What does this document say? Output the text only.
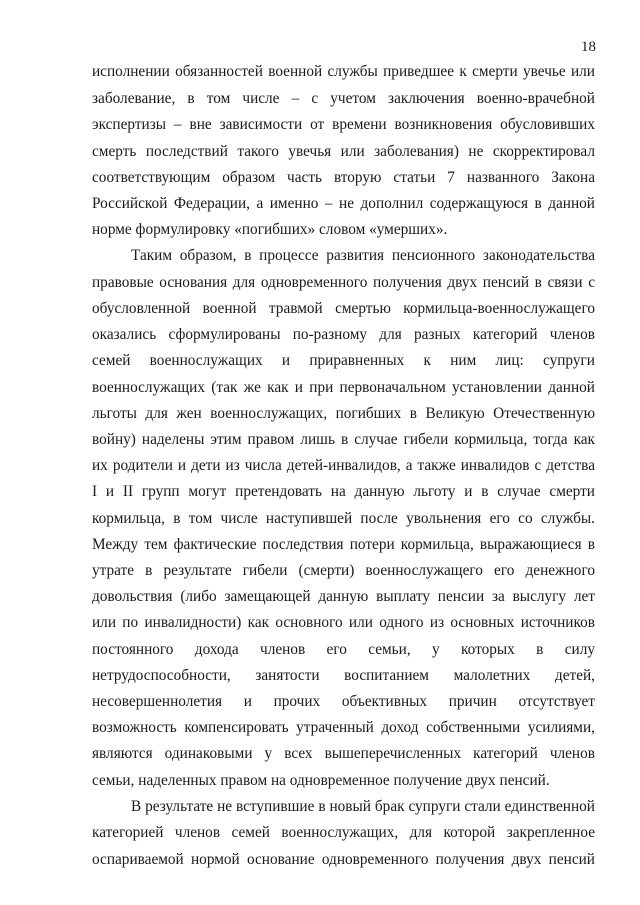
18
исполнении обязанностей военной службы приведшее к смерти увечье или
заболевание, в том числе – с учетом заключения военно-врачебной
экспертизы – вне зависимости от времени возникновения обусловивших
смерть последствий такого увечья или заболевания) не скорректировал
соответствующим образом часть вторую статьи 7 названного Закона
Российской Федерации, а именно – не дополнил содержащуюся в данной
норме формулировку «погибших» словом «умерших».
Таким образом, в процессе развития пенсионного законодательства
правовые основания для одновременного получения двух пенсий в связи с
обусловленной военной травмой смертью кормильца-военнослужащего
оказались сформулированы по-разному для разных категорий членов
семей военнослужащих и приравненных к ним лиц: супруги
военнослужащих (так же как и при первоначальном установлении данной
льготы для жен военнослужащих, погибших в Великую Отечественную
войну) наделены этим правом лишь в случае гибели кормильца, тогда как
их родители и дети из числа детей-инвалидов, а также инвалидов с детства
I и II групп могут претендовать на данную льготу и в случае смерти
кормильца, в том числе наступившей после увольнения его со службы.
Между тем фактические последствия потери кормильца, выражающиеся в
утрате в результате гибели (смерти) военнослужащего его денежного
довольствия (либо замещающей данную выплату пенсии за выслугу лет
или по инвалидности) как основного или одного из основных источников
постоянного дохода членов его семьи, у которых в силу
нетрудоспособности, занятости воспитанием малолетних детей,
несовершеннолетия и прочих объективных причин отсутствует
возможность компенсировать утраченный доход собственными усилиями,
являются одинаковыми у всех вышеперечисленных категорий членов
семьи, наделенных правом на одновременное получение двух пенсий.
В результате не вступившие в новый брак супруги стали единственной
категорией членов семей военнослужащих, для которой закрепленное
оспариваемой нормой основание одновременного получения двух пенсий
